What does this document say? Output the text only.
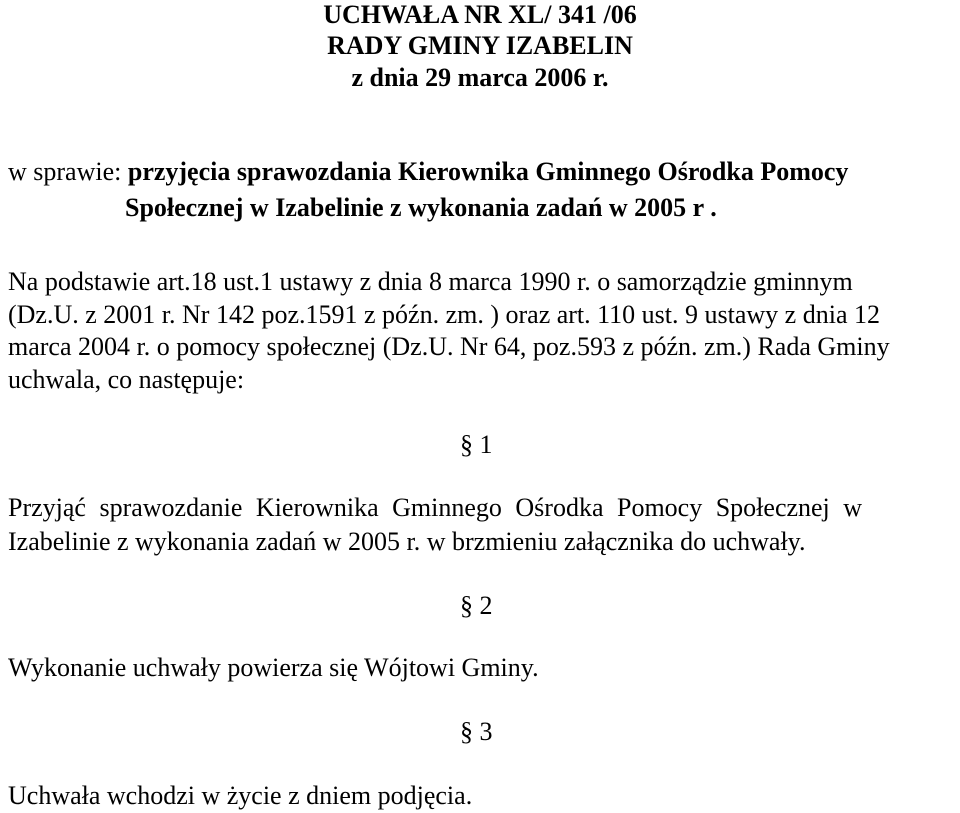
UCHWAŁA NR XL/ 341 /06
RADY GMINY IZABELIN
z dnia 29 marca 2006 r.
w sprawie: przyjęcia sprawozdania Kierownika Gminnego Ośrodka Pomocy
Społecznej w Izabelinie z wykonania zadań w 2005 r .
Na podstawie art.18 ust.1 ustawy z dnia 8 marca 1990 r. o samorządzie gminnym
(Dz.U. z 2001 r. Nr 142 poz.1591 z późn. zm. ) oraz art. 110 ust. 9 ustawy z dnia 12
marca 2004 r. o pomocy społecznej (Dz.U. Nr 64, poz.593 z późn. zm.) Rada Gminy
uchwala, co następuje:
§ 1
Przyjąć sprawozdanie Kierownika Gminnego Ośrodka Pomocy Społecznej w
Izabelinie z wykonania zadań w 2005 r. w brzmieniu załącznika do uchwały.
§ 2
Wykonanie uchwały powierza się Wójtowi Gminy.
§ 3
Uchwała wchodzi w życie z dniem podjęcia.
